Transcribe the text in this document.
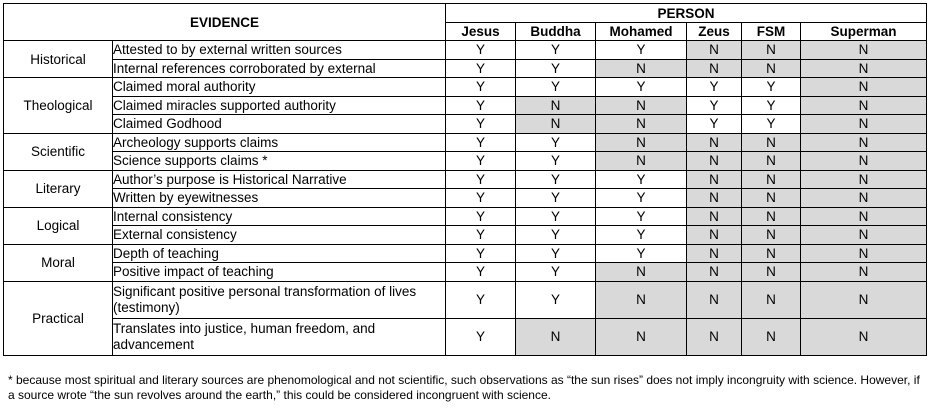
EVIDENCE		PERSON					
		Jesus	Buddha	Mohamed	Zeus	FSM	Superman
Historical	Attested to by external written sources	Y	Y	Y	N	N	N
	Internal references corroborated by external	Y	Y	N	N	N	N
Theological	Claimed moral authority	Y	Y	Y	Y	Y	N
	Claimed miracles supported authority	Y	N	N	Y	Y	N
	Claimed Godhood	Y	N	N	Y	Y	N
Scientific	Archeology supports claims	Y	Y	N	N	N	N
	Science supports claims *	Y	Y	N	N	N	N
Literary	Author’s purpose is Historical Narrative	Y	Y	Y	N	N	N
	Written by eyewitnesses	Y	Y	Y	N	N	N
Logical	Internal consistency	Y	Y	Y	N	N	N
	External consistency	Y	Y	Y	N	N	N
Moral	Depth of teaching	Y	Y	Y	N	N	N
	Positive impact of teaching	Y	Y	N	N	N	N
Practical	Significant positive personal transformation of lives (testimony)	Y	Y	N	N	N	N
	Translates into justice, human freedom, and advancement	Y	N	N	N	N	N
* because most spiritual and literary sources are phenomological and not scientific, such observations as “the sun rises” does not imply incongruity with science. However, if a source wrote “the sun revolves around the earth,” this could be considered incongruent with science.
